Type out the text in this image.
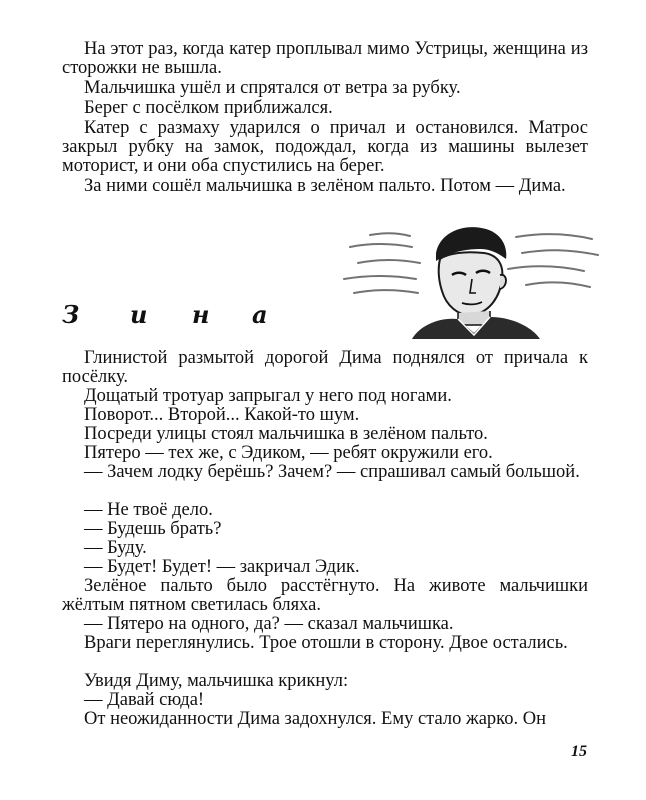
На этот раз, когда катер проплывал мимо Устрицы, женщина из сторожки не вышла.

Мальчишка ушёл и спрятался от ветра за рубку.

Берег с посёлком приближался.

Катер с размаху ударился о причал и остановился. Матрос закрыл рубку на замок, подождал, когда из машины вылезет моторист, и они оба спустились на берег.

За ними сошёл мальчишка в зелёном пальто. Потом — Дима.

З и н а

Глинистой размытой дорогой Дима поднялся от причала к посёлку.

Дощатый тротуар запрыгал у него под ногами.

Поворот... Второй... Какой-то шум.

Посреди улицы стоял мальчишка в зелёном пальто.

Пятеро — тех же, с Эдиком, — ребят окружили его.

— Зачем лодку берёшь? Зачем? — спрашивал самый большой.

— Не твоё дело.

— Будешь брать?

— Буду.

— Будет! Будет! — закричал Эдик.

Зелёное пальто было расстёгнуто. На животе мальчишки жёлтым пятном светилась бляха.

— Пятеро на одного, да? — сказал мальчишка.

Враги переглянулись. Трое отошли в сторону. Двое остались.

Увидя Диму, мальчишка крикнул:

— Давай сюда!

От неожиданности Дима задохнулся. Ему стало жарко. Он

15
